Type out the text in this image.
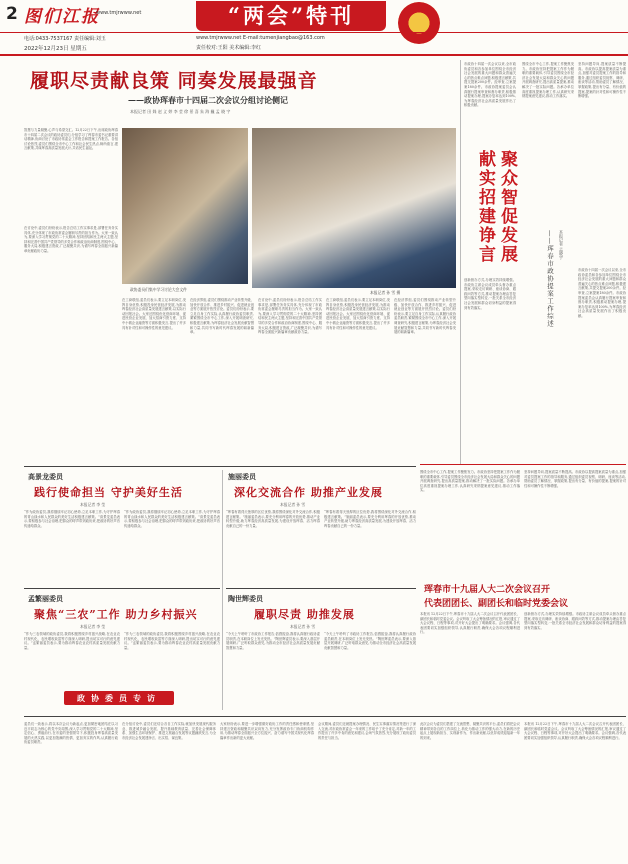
2 图们江报
www.tmjrwww.net	“两会”特刊
电话:0433-7537167 责任编辑:刘玉	www.tmjrwww.net E-mail:tumenjiangbao@163.com
2022年12月23日 星期五	责任校对:王阳 美术编辑:李红
履职尽责献良策 同奏发展最强音
——政协珲春市十四届二次会议分组讨论侧记
本报记者 田 姝 赵 义 婷 李 莹 徐 景 喜 朱 海 巍 孟 晓 宇
智慧与力量凝聚,心声与希望交汇。12月22日下午,出席政协珲春市十四届二次会议的政协委员们,分组学习了珲春市委书记重要讲话精神,协商讨论了市政协常委会工作报告和提案工作报告。各组讨论热烈,委员们围绕全市中心工作和社会民生热点,畅所欲言,建言献策,共谋珲春高质量发展大计,共话民生福祉。
在讨论中,委员们纷纷表示,报告总结工作实事求是,部署任务务实具体,充分体现了市政协常委会履职尽责的担当作为。大家一致认为,要深入学习贯彻党的二十大精神,坚持团结和民主两大主题,坚持和完善中国共产党领导的多党合作和政治协商制度,围绕中心、服务大局,积极建言资政,广泛凝聚共识,为谱写珲春全面振兴新篇章贡献政协力量。
政协委员们集中学习讨论大会文件
本报记者 孙 雪 摄
在工商联组,委员们表示,要立足本职岗位,发挥自身优势,积极投身民营经济发展,为推动珲春经济社会高质量发展建言献策,以实际行动回报社会。大家还围绕优化营商环境、促进民营企业发展、加大招商引资力度、支持中小微企业融资等方面积极发言,提出了许多具有针对性和可操作性的意见建议。
在经济界组,委员们围绕推动产业转型升级、加快开放合作、推进乡村振兴、促进就业创业等方面展开热烈讨论。委员们纷纷表示,要立足自身工作实际,认真履行政协委员职责,紧紧围绕全市中心工作,深入开展调查研究,积极建言献策,为珲春经济社会发展贡献智慧和力量,共同书写新时代珲春发展的崭新篇章。
在讨论中,委员们纷纷表示,报告总结工作实事求是,部署任务务实具体,充分体现了市政协常委会履职尽责的担当作为。大家一致认为,要深入学习贯彻党的二十大精神,坚持团结和民主两大主题,坚持和完善中国共产党领导的多党合作和政治协商制度,围绕中心、服务大局,积极建言资政,广泛凝聚共识,为谱写珲春全面振兴新篇章贡献政协力量。
在工商联组,委员们表示,要立足本职岗位,发挥自身优势,积极投身民营经济发展,为推动珲春经济社会高质量发展建言献策,以实际行动回报社会。大家还围绕优化营商环境、促进民营企业发展、加大招商引资力度、支持中小微企业融资等方面积极发言,提出了许多具有针对性和可操作性的意见建议。
在经济界组,委员们围绕推动产业转型升级、加快开放合作、推进乡村振兴、促进就业创业等方面展开热烈讨论。委员们纷纷表示,要立足自身工作实际,认真履行政协委员职责,紧紧围绕全市中心工作,深入开展调查研究,积极建言献策,为珲春经济社会发展贡献智慧和力量,共同书写新时代珲春发展的崭新篇章。
市政协十四届一次会议以来,全市政协委员和各参加单位围绕全市经济社会发展的重大问题和群众普遍关心的热点难点问题,积极建言献策,共提交提案200余件。经审查,立案提案180余件。市政协提案委员会认真履行提案审查和督办职责,积极推动提案办理,提案办复率达到100%,为珲春经济社会高质量发展作出了积极贡献。
围绕全市中心工作,提案工作聚焦发力。市政协坚持把提案工作作为履职的重要载体,引导委员围绕全市经济社会发展大局和群众关心的问题开展调查研究,提出高质量提案,推动解决了一批实际问题。各承办单位高度重视提案办理工作,认真研究采纳提案意见建议,推动工作落实。
坚持问题导向,提案质量不断提高。市政协以提高提案质量为重点,加强对委员提案工作的指导和服务,通过组织委员视察、调研、座谈等活动,帮助委员了解情况、掌握政策,提出有分量、有价值的提案,提案的针对性和可操作性不断增强。
献实招建诤言 聚众智促发展
——珲春市政协提案工作综述 本报记者 孟晓宇
创新督办方式,办理实效持续增强。市政协主席会议成员牵头督办重点提案,采取走访调研、座谈协商、跟踪问效等方式,推动提案办理由答复型向落实型转变,一批关系全市经济社会发展和群众切身利益的提案得到有效落实。
市政协十四届一次会议以来,全市政协委员和各参加单位围绕全市经济社会发展的重大问题和群众普遍关心的热点难点问题,积极建言献策,共提交提案200余件。经审查,立案提案180余件。市政协提案委员会认真履行提案审查和督办职责,积极推动提案办理,提案办复率达到100%,为珲春经济社会高质量发展作出了积极贡献。
围绕全市中心工作,提案工作聚焦发力。市政协坚持把提案工作作为履职的重要载体,引导委员围绕全市经济社会发展大局和群众关心的问题开展调查研究,提出高质量提案,推动解决了一批实际问题。各承办单位高度重视提案办理工作,认真研究采纳提案意见建议,推动工作落实。
坚持问题导向,提案质量不断提高。市政协以提高提案质量为重点,加强对委员提案工作的指导和服务,通过组织委员视察、调研、座谈等活动,帮助委员了解情况、掌握政策,提出有分量、有价值的提案,提案的针对性和可操作性不断增强。
珲春市十九届人大二次会议召开
代表团团长、副团长和临时党委会议
本报讯 12月22日下午,珲春市十九届人大二次会议召开代表团团长、副团长和临时党委会议。会议听取了大会筹备情况的汇报,审议通过了大会议程、日程等事项,对开好大会提出了明确要求。会议强调,各代表团要切实加强组织领导,认真履行职责,确保大会各项议程顺利进行。
创新督办方式,办理实效持续增强。市政协主席会议成员牵头督办重点提案,采取走访调研、座谈协商、跟踪问效等方式,推动提案办理由答复型向落实型转变,一批关系全市经济社会发展和群众切身利益的提案得到有效落实。
高景龙委员
践行使命担当 守护美好生活
本报记者 李 莹
“作为政协委员,我将继续牢记初心使命,立足本职工作,为守护珲春的青山绿水和人民群众的美好生活积极建言献策。”高景龙委员表示,要积极参与社会治理,把群众的呼声带到政协来,把政协的好声音传递给群众。
“作为政协委员,我将继续牢记初心使命,立足本职工作,为守护珲春的青山绿水和人民群众的美好生活积极建言献策。”高景龙委员表示,要积极参与社会治理,把群众的呼声带到政协来,把政协的好声音传递给群众。
孟繁丽委员
聚焦“三农”工作 助力乡村振兴
本报记者 李 莹
“作为三农领域的政协委员,我将积极围绕乡村振兴战略,在农业农村现代化、农民增收致富等方面深入调研,提出切实可行的意见建议。”孟繁丽委员表示,要为推动珲春农业农村高质量发展贡献力量。
“作为三农领域的政协委员,我将积极围绕乡村振兴战略,在农业农村现代化、农民增收致富等方面深入调研,提出切实可行的意见建议。”孟繁丽委员表示,要为推动珲春农业农村高质量发展贡献力量。
政协委员专访
施丽委员
深化交流合作 助推产业发展
本报记者 孙 雪
“珲春有着得天独厚的区位优势,我将围绕深化对外交流合作,积极建言献策。”施丽委员表示,要充分利用珲春的开放优势,推动产业转型升级,助力珲春经济高质量发展,为建设开放珲春、活力珲春贡献自己的一份力量。
“珲春有着得天独厚的区位优势,我将围绕深化对外交流合作,积极建言献策。”施丽委员表示,要充分利用珲春的开放优势,推动产业转型升级,助力珲春经济高质量发展,为建设开放珲春、活力珲春贡献自己的一份力量。
陶世辉委员
履职尽责 助推发展
本报记者 孙 雪
“今天上午聆听了市政协工作报告,倍感振奋,我将认真履行政协委员职责,在本职岗位上发光发热。”陶世辉委员表示,要深入基层开展调研,广泛听取群众意见,为推动全市经济社会高质量发展贡献智慧和力量。
“今天上午聆听了市政协工作报告,倍感振奋,我将认真履行政协委员职责,在本职岗位上发光发热。”陶世辉委员表示,要深入基层开展调研,广泛听取群众意见,为推动全市经济社会高质量发展贡献智慧和力量。
委员们一致表示,将以本次会议为新起点,更加紧密地团结在以习近平同志为核心的党中央周围,深入学习贯彻党的二十大精神,坚定信心、勇毅前行,在市委的坚强领导下,积极投身珲春高质量发展的火热实践,以更加饱满的热情、更加务实的作风,认真履行政协委员职责。
在分组讨论中,委员们还结合各自工作实际,就加快发展现代服务业、推进城乡融合发展、提升基础教育质量、完善社会保障体系、加强生态环境保护、推进文旅融合发展等议题踊跃发言,为全市经济社会发展建诤言、出实招、谋良策。
大家纷纷表示,要进一步增强做好政协工作的责任感和使命感,坚持建言资政和凝聚共识双向发力,充分发挥政协专门协商机构作用,为推动珲春全面振兴全方位振兴、奋力谱写中国式现代化珲春篇章作出新的更大贡献。
会议期间,委员们还就提案办理情况、民生实事落实情况等进行了深入交流,对市政协常委会一年来的工作给予了充分肯定,对新一年的工作提出了许多中肯的意见和建议,会场气氛热烈,充分展现了政协委员的责任与担当。
此次会议为委员们搭建了交流思想、凝聚共识的平台,委员们将把会议精神带到各自的工作岗位上,转化为推动工作的强大动力,在新的历史起点上展现新担当、实现新作为、作出新贡献,以优异成绩迎接新一年的到来。
本报讯 12月22日下午,珲春市十九届人大二次会议召开代表团团长、副团长和临时党委会议。会议听取了大会筹备情况的汇报,审议通过了大会议程、日程等事项,对开好大会提出了明确要求。会议强调,各代表团要切实加强组织领导,认真履行职责,确保大会各项议程顺利进行。
